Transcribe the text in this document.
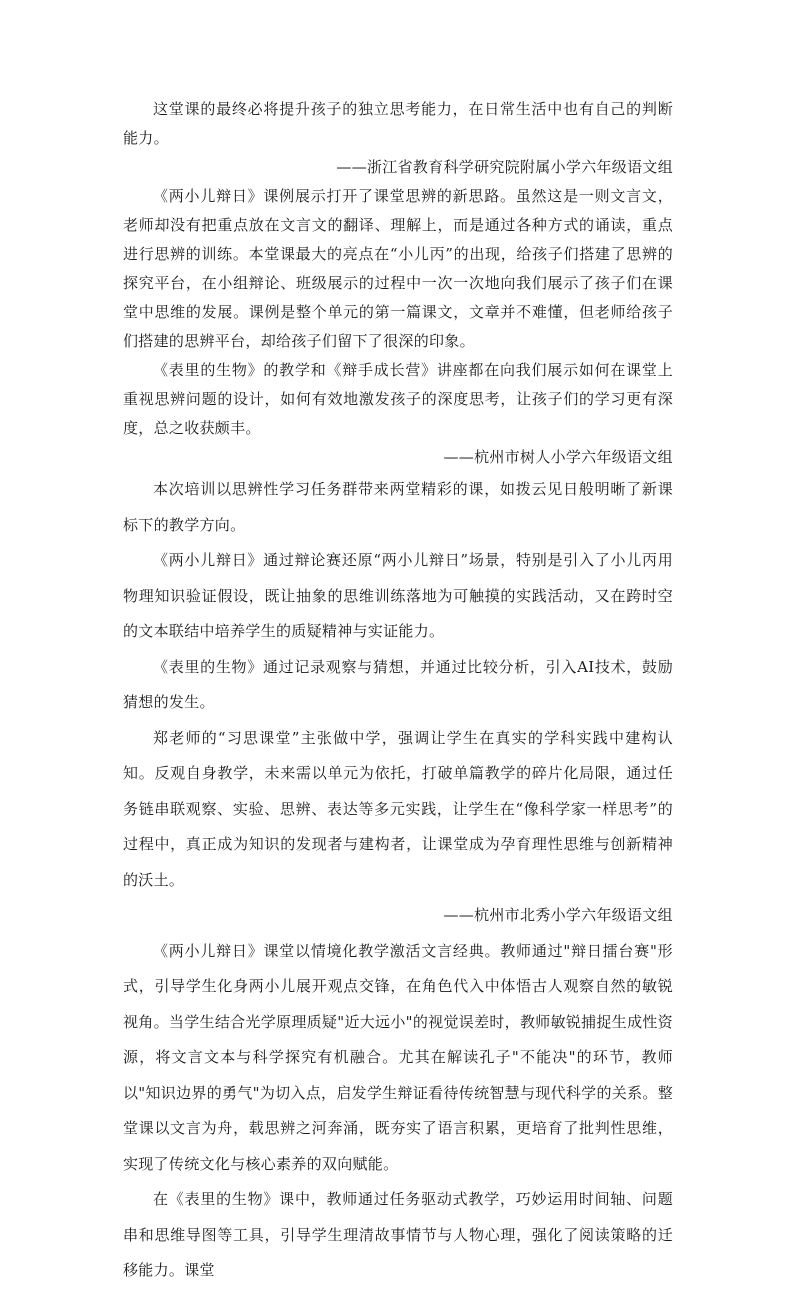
这堂课的最终必将提升孩子的独立思考能力，在日常生活中也有自己的判断能力。

——浙江省教育科学研究院附属小学六年级语文组

《两小儿辩日》课例展示打开了课堂思辨的新思路。虽然这是一则文言文，老师却没有把重点放在文言文的翻译、理解上，而是通过各种方式的诵读，重点进行思辨的训练。本堂课最大的亮点在“小儿丙”的出现，给孩子们搭建了思辨的探究平台，在小组辩论、班级展示的过程中一次一次地向我们展示了孩子们在课堂中思维的发展。课例是整个单元的第一篇课文，文章并不难懂，但老师给孩子们搭建的思辨平台，却给孩子们留下了很深的印象。

《表里的生物》的教学和《辩手成长营》讲座都在向我们展示如何在课堂上重视思辨问题的设计，如何有效地激发孩子的深度思考，让孩子们的学习更有深度，总之收获颇丰。

——杭州市树人小学六年级语文组

本次培训以思辨性学习任务群带来两堂精彩的课，如拨云见日般明晰了新课标下的教学方向。

《两小儿辩日》通过辩论赛还原“两小儿辩日”场景，特别是引入了小儿丙用物理知识验证假设，既让抽象的思维训练落地为可触摸的实践活动，又在跨时空的文本联结中培养学生的质疑精神与实证能力。

《表里的生物》通过记录观察与猜想，并通过比较分析，引入AI技术，鼓励猜想的发生。

郑老师的“习思课堂”主张做中学，强调让学生在真实的学科实践中建构认知。反观自身教学，未来需以单元为依托，打破单篇教学的碎片化局限，通过任务链串联观察、实验、思辨、表达等多元实践，让学生在“像科学家一样思考”的过程中，真正成为知识的发现者与建构者，让课堂成为孕育理性思维与创新精神的沃土。

——杭州市北秀小学六年级语文组

《两小儿辩日》课堂以情境化教学激活文言经典。教师通过"辩日擂台赛"形式，引导学生化身两小儿展开观点交锋，在角色代入中体悟古人观察自然的敏锐视角。当学生结合光学原理质疑"近大远小"的视觉误差时，教师敏锐捕捉生成性资源，将文言文本与科学探究有机融合。尤其在解读孔子"不能决"的环节，教师以"知识边界的勇气"为切入点，启发学生辩证看待传统智慧与现代科学的关系。整堂课以文言为舟，载思辨之河奔涌，既夯实了语言积累，更培育了批判性思维，实现了传统文化与核心素养的双向赋能。

在《表里的生物》课中，教师通过任务驱动式教学，巧妙运用时间轴、问题串和思维导图等工具，引导学生理清故事情节与人物心理，强化了阅读策略的迁移能力。课堂
